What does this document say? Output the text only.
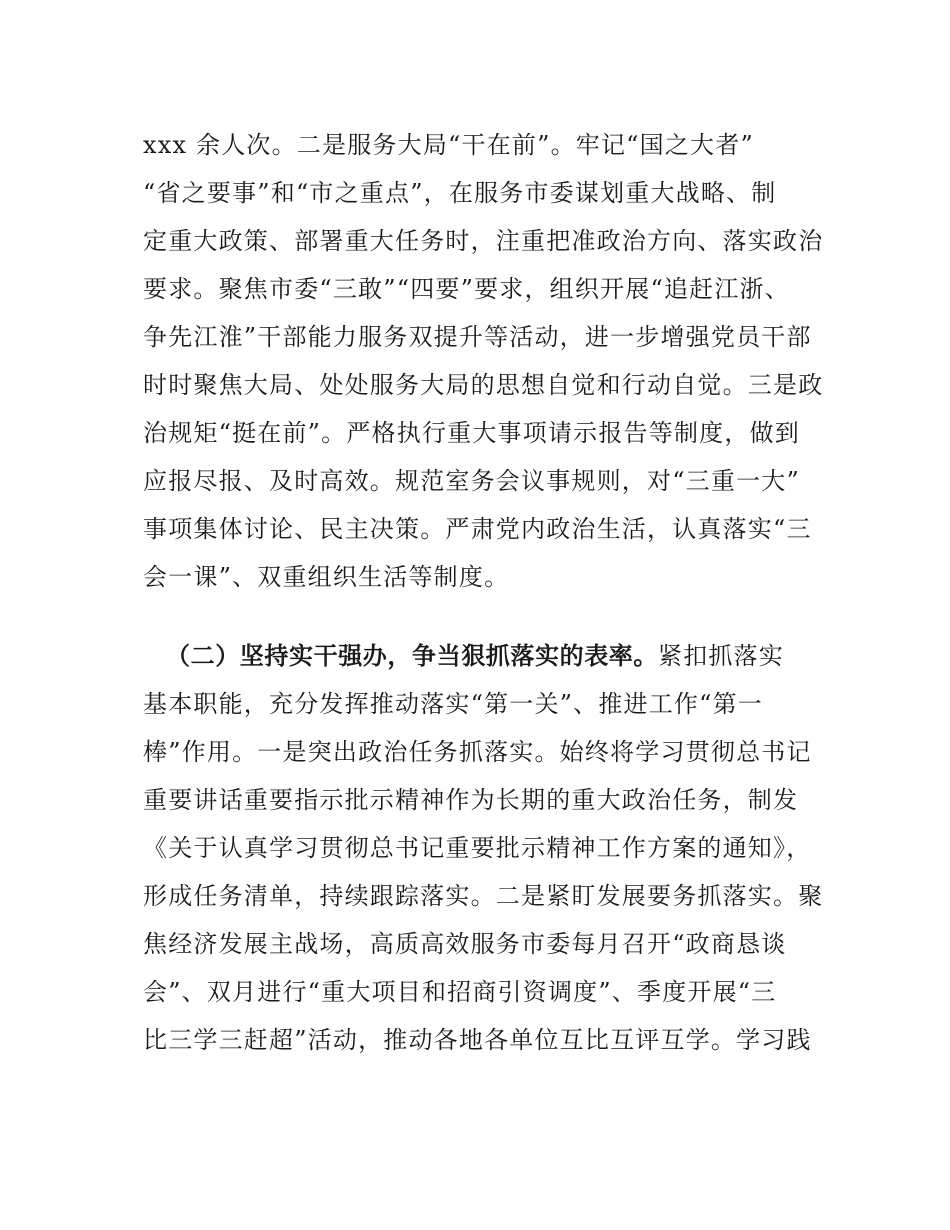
xxx 余人次。二是服务大局“干在前”。牢记“国之大者”
“省之要事”和“市之重点”，在服务市委谋划重大战略、制
定重大政策、部署重大任务时，注重把准政治方向、落实政治
要求。聚焦市委“三敢”“四要”要求，组织开展“追赶江浙、
争先江淮”干部能力服务双提升等活动，进一步增强党员干部
时时聚焦大局、处处服务大局的思想自觉和行动自觉。三是政
治规矩“挺在前”。严格执行重大事项请示报告等制度，做到
应报尽报、及时高效。规范室务会议事规则，对“三重一大”
事项集体讨论、民主决策。严肃党内政治生活，认真落实“三
会一课”、双重组织生活等制度。
（二）坚持实干强办，争当狠抓落实的表率。紧扣抓落实
基本职能，充分发挥推动落实“第一关”、推进工作“第一
棒”作用。一是突出政治任务抓落实。始终将学习贯彻总书记
重要讲话重要指示批示精神作为长期的重大政治任务，制发
《关于认真学习贯彻总书记重要批示精神工作方案的通知》，
形成任务清单，持续跟踪落实。二是紧盯发展要务抓落实。聚
焦经济发展主战场，高质高效服务市委每月召开“政商恳谈
会”、双月进行“重大项目和招商引资调度”、季度开展“三
比三学三赶超”活动，推动各地各单位互比互评互学。学习践
